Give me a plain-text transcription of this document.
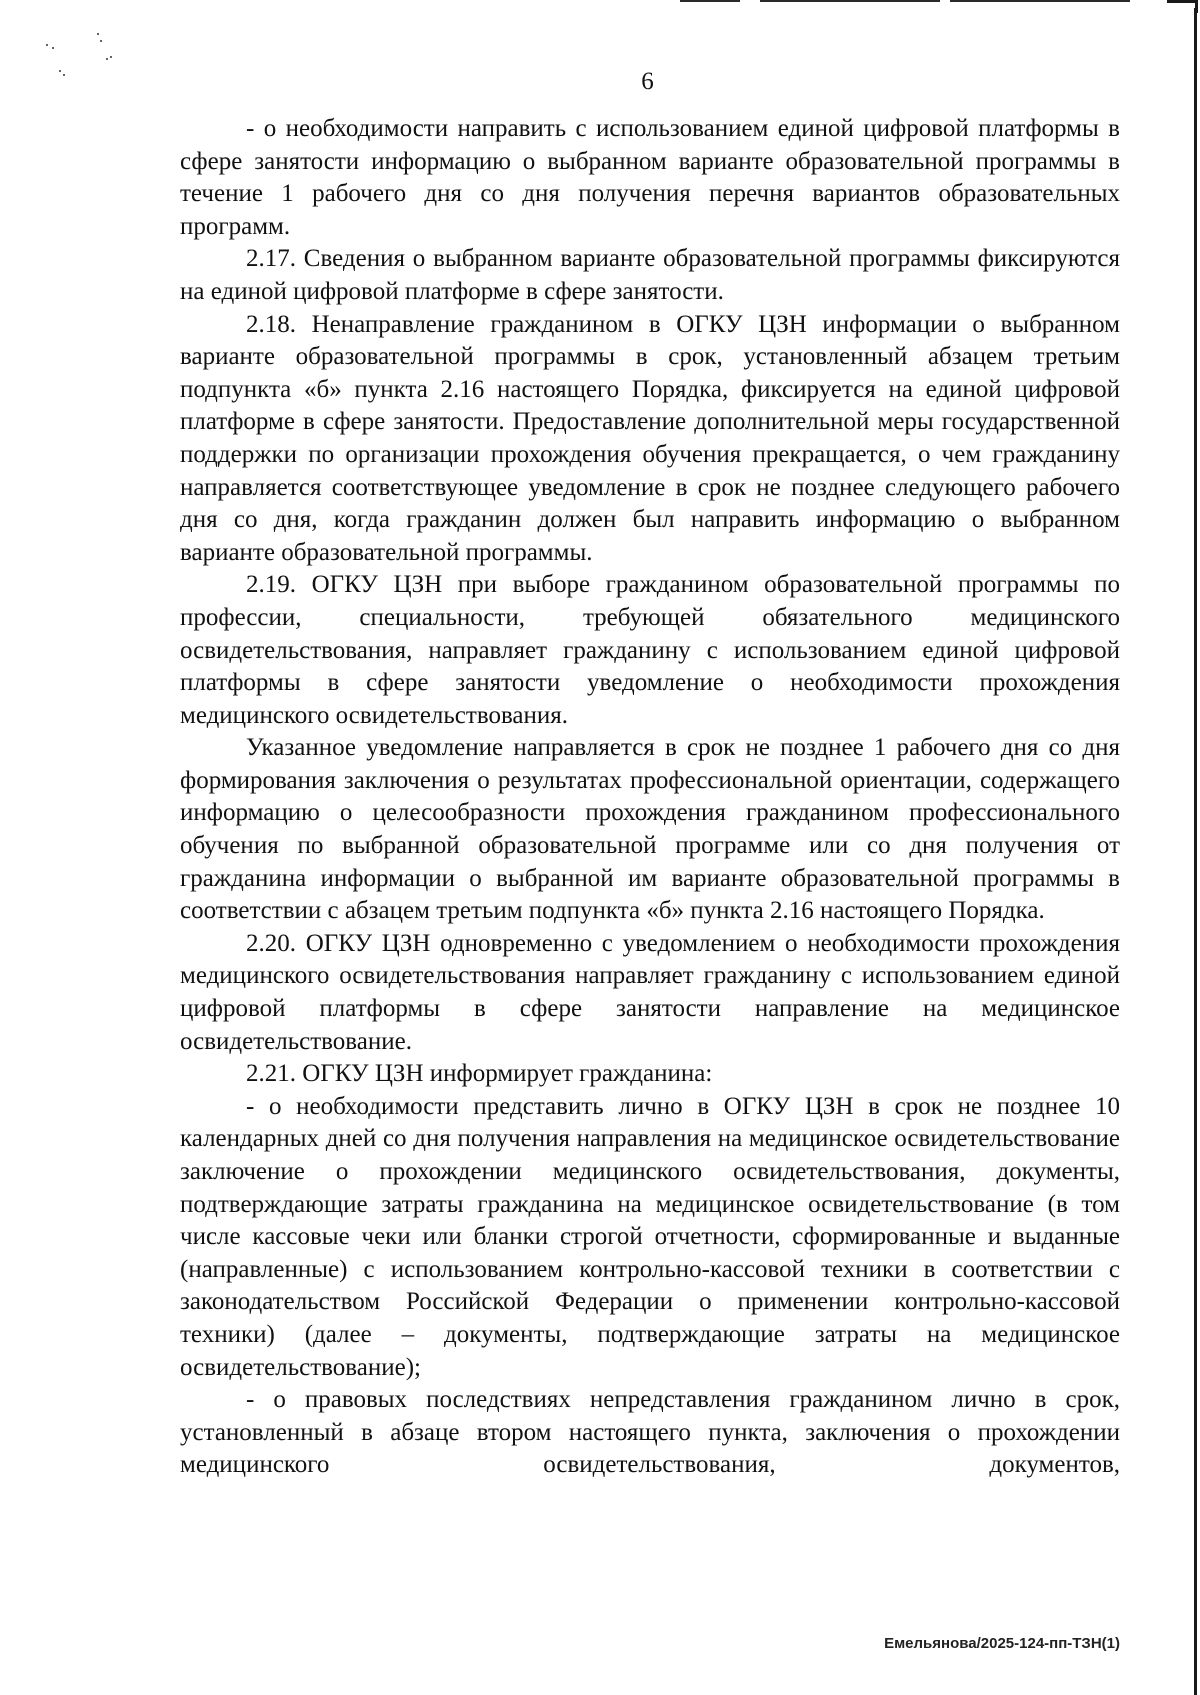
6

- о необходимости направить с использованием единой цифровой платформы в сфере занятости информацию о выбранном варианте образовательной программы в течение 1 рабочего дня со дня получения перечня вариантов образовательных программ.

2.17. Сведения о выбранном варианте образовательной программы фиксируются на единой цифровой платформе в сфере занятости.

2.18. Ненаправление гражданином в ОГКУ ЦЗН информации о выбранном варианте образовательной программы в срок, установленный абзацем третьим подпункта «б» пункта 2.16 настоящего Порядка, фиксируется на единой цифровой платформе в сфере занятости. Предоставление дополнительной меры государственной поддержки по организации прохождения обучения прекращается, о чем гражданину направляется соответствующее уведомление в срок не позднее следующего рабочего дня со дня, когда гражданин должен был направить информацию о выбранном варианте образовательной программы.

2.19. ОГКУ ЦЗН при выборе гражданином образовательной программы по профессии, специальности, требующей обязательного медицинского освидетельствования, направляет гражданину с использованием единой цифровой платформы в сфере занятости уведомление о необходимости прохождения медицинского освидетельствования.

Указанное уведомление направляется в срок не позднее 1 рабочего дня со дня формирования заключения о результатах профессиональной ориентации, содержащего информацию о целесообразности прохождения гражданином профессионального обучения по выбранной образовательной программе или со дня получения от гражданина информации о выбранной им варианте образовательной программы в соответствии с абзацем третьим подпункта «б» пункта 2.16 настоящего Порядка.

2.20. ОГКУ ЦЗН одновременно с уведомлением о необходимости прохождения медицинского освидетельствования направляет гражданину с использованием единой цифровой платформы в сфере занятости направление на медицинское освидетельствование.

2.21. ОГКУ ЦЗН информирует гражданина:

- о необходимости представить лично в ОГКУ ЦЗН в срок не позднее 10 календарных дней со дня получения направления на медицинское освидетельствование заключение о прохождении медицинского освидетельствования, документы, подтверждающие затраты гражданина на медицинское освидетельствование (в том числе кассовые чеки или бланки строгой отчетности, сформированные и выданные (направленные) с использованием контрольно-кассовой техники в соответствии с законодательством Российской Федерации о применении контрольно-кассовой техники) (далее – документы, подтверждающие затраты на медицинское освидетельствование);

- о правовых последствиях непредставления гражданином лично в срок, установленный в абзаце втором настоящего пункта, заключения о прохождении медицинского освидетельствования, документов,

Емельянова/2025-124-пп-ТЗН(1)
